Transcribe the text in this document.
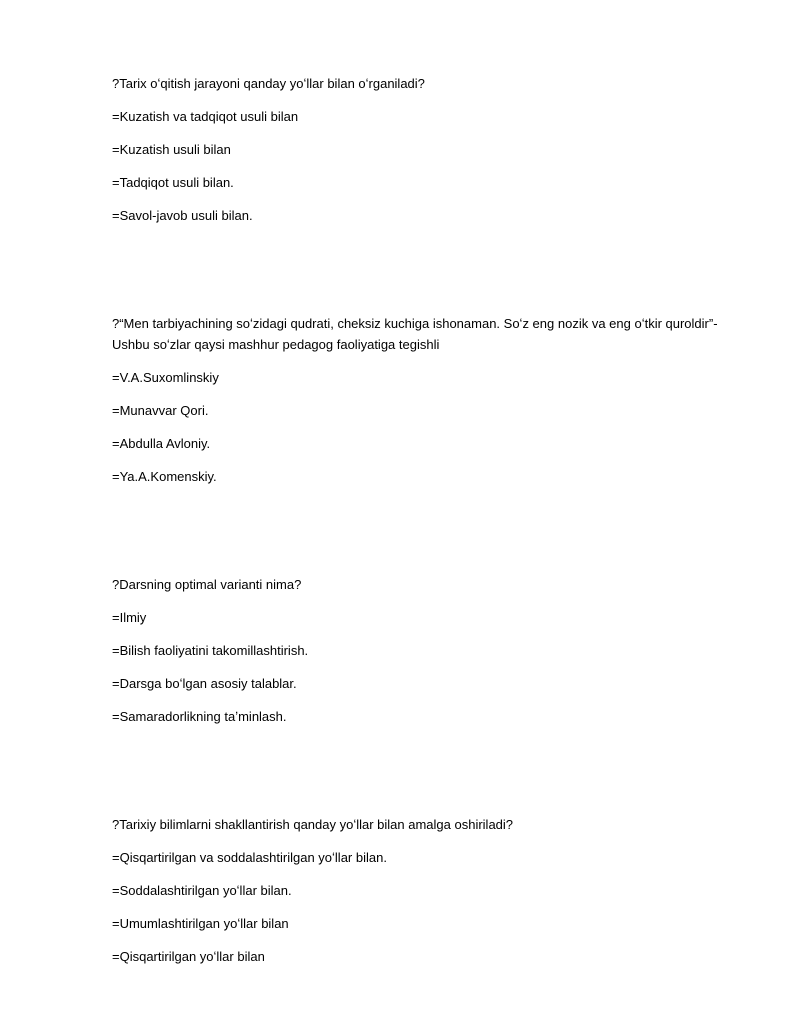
?Tarix oʻqitish jarayoni qanday yoʻllar bilan oʻrganiladi?

=Kuzatish va tadqiqot usuli bilan

=Kuzatish usuli bilan

=Tadqiqot usuli bilan.

=Savol-javob usuli bilan.

?“Men tarbiyachining soʻzidagi qudrati, cheksiz kuchiga ishonaman. Soʻz eng nozik va eng oʻtkir quroldir”- Ushbu soʻzlar qaysi mashhur pedagog faoliyatiga tegishli

=V.A.Suxomlinskiy

=Munavvar Qori.

=Abdulla Avloniy.

=Ya.A.Komenskiy.

?Darsning optimal varianti nima?

=Ilmiy

=Bilish faoliyatini takomillashtirish.

=Darsga boʻlgan asosiy talablar.

=Samaradorlikning taʼminlash.

?Tarixiy bilimlarni shakllantirish qanday yoʻllar bilan amalga oshiriladi?

=Qisqartirilgan va soddalashtirilgan yoʻllar bilan.

=Soddalashtirilgan yoʻllar bilan.

=Umumlashtirilgan yoʻllar bilan

=Qisqartirilgan yoʻllar bilan
